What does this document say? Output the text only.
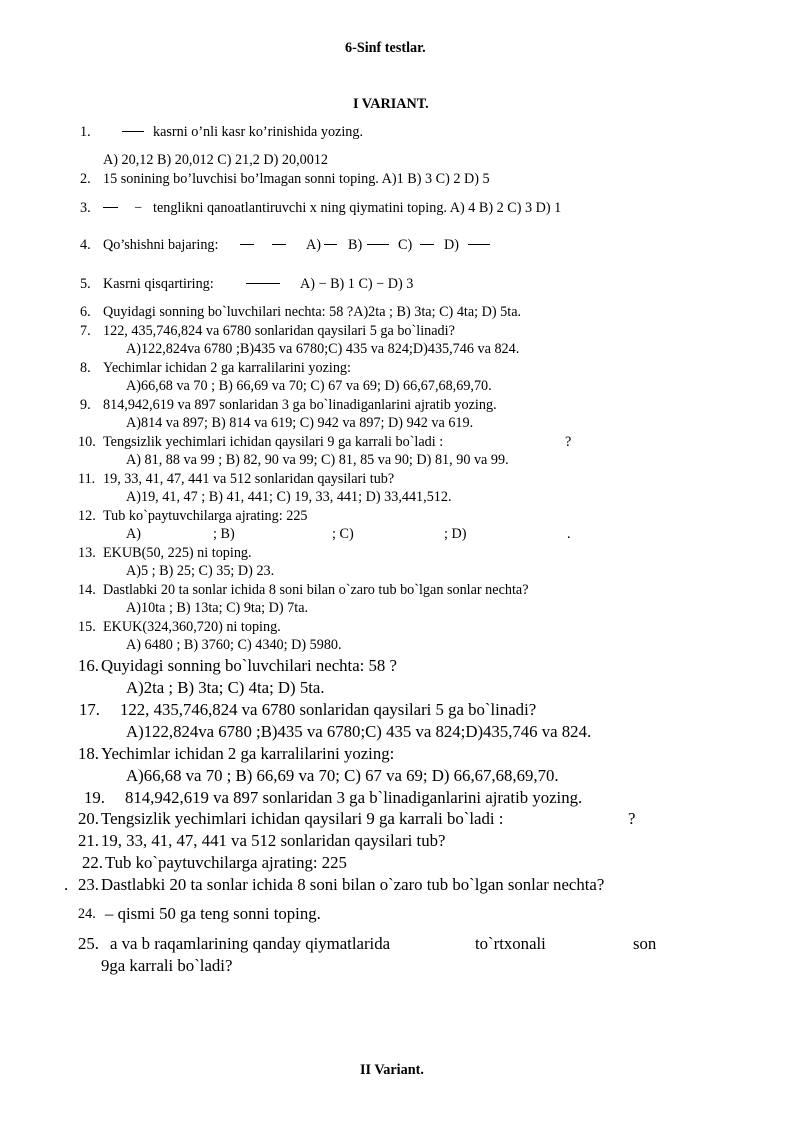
6-Sinf testlar.
I VARIANT.
1.	kasrni o’nli kasr ko’rinishida yozing.
A) 20,12 B) 20,012 C) 21,2 D) 20,0012
2. 15 sonining bo’luvchisi bo’lmagan sonni toping. A)1 B) 3 C) 2 D) 5
3.	− tenglikni qanoatlantiruvchi x ning qiymatini toping. A) 4 B) 2 C) 3 D) 1
4. Qo’shishni bajaring:	A) B)	C) D)
5. Kasrni qisqartiring:	A) − B) 1 C) − D) 3
6. Quyidagi sonning bo`luvchilari nechta: 58 ?A)2ta ; B) 3ta; C) 4ta; D) 5ta.
7. 122, 435,746,824 va 6780 sonlaridan qaysilari 5 ga bo`linadi?
A)122,824va 6780 ;B)435 va 6780;C) 435 va 824;D)435,746 va 824.
8. Yechimlar ichidan 2 ga karralilarini yozing:
A)66,68 va 70 ; B) 66,69 va 70; C) 67 va 69; D) 66,67,68,69,70.
9. 814,942,619 va 897 sonlaridan 3 ga bo`linadiganlarini ajratib yozing.
A)814 va 897; B) 814 va 619; C) 942 va 897; D) 942 va 619.
10. Tengsizlik yechimlari ichidan qaysilari 9 ga karrali bo`ladi :	?
A) 81, 88 va 99 ; B) 82, 90 va 99; C) 81, 85 va 90; D) 81, 90 va 99.
11. 19, 33, 41, 47, 441 va 512 sonlaridan qaysilari tub?
A)19, 41, 47 ; B) 41, 441; C) 19, 33, 441; D) 33,441,512.
12. Tub ko`paytuvchilarga ajrating: 225
A)	; B)	; C)	; D)	.
13. EKUB(50, 225) ni toping.
A)5 ; B) 25; C) 35; D) 23.
14. Dastlabki 20 ta sonlar ichida 8 soni bilan o`zaro tub bo`lgan sonlar nechta?
A)10ta ; B) 13ta; C) 9ta; D) 7ta.
15. EKUK(324,360,720) ni toping.
A) 6480 ; B) 3760; C) 4340; D) 5980.
16. Quyidagi sonning bo`luvchilari nechta: 58 ?
A)2ta ; B) 3ta; C) 4ta; D) 5ta.
17. 122, 435,746,824 va 6780 sonlaridan qaysilari 5 ga bo`linadi?
A)122,824va 6780 ;B)435 va 6780;C) 435 va 824;D)435,746 va 824.
18. Yechimlar ichidan 2 ga karralilarini yozing:
A)66,68 va 70 ; B) 66,69 va 70; C) 67 va 69; D) 66,67,68,69,70.
19. 814,942,619 va 897 sonlaridan 3 ga b`linadiganlarini ajratib yozing.
20. Tengsizlik yechimlari ichidan qaysilari 9 ga karrali bo`ladi :	?
21. 19, 33, 41, 47, 441 va 512 sonlaridan qaysilari tub?
22. Tub ko`paytuvchilarga ajrating: 225
. 23. Dastlabki 20 ta sonlar ichida 8 soni bilan o`zaro tub bo`lgan sonlar nechta?
24. – qismi 50 ga teng sonni toping.
25. a va b raqamlarining qanday qiymatlarida	to`rtxonali	son
9ga karrali bo`ladi?
II Variant.
